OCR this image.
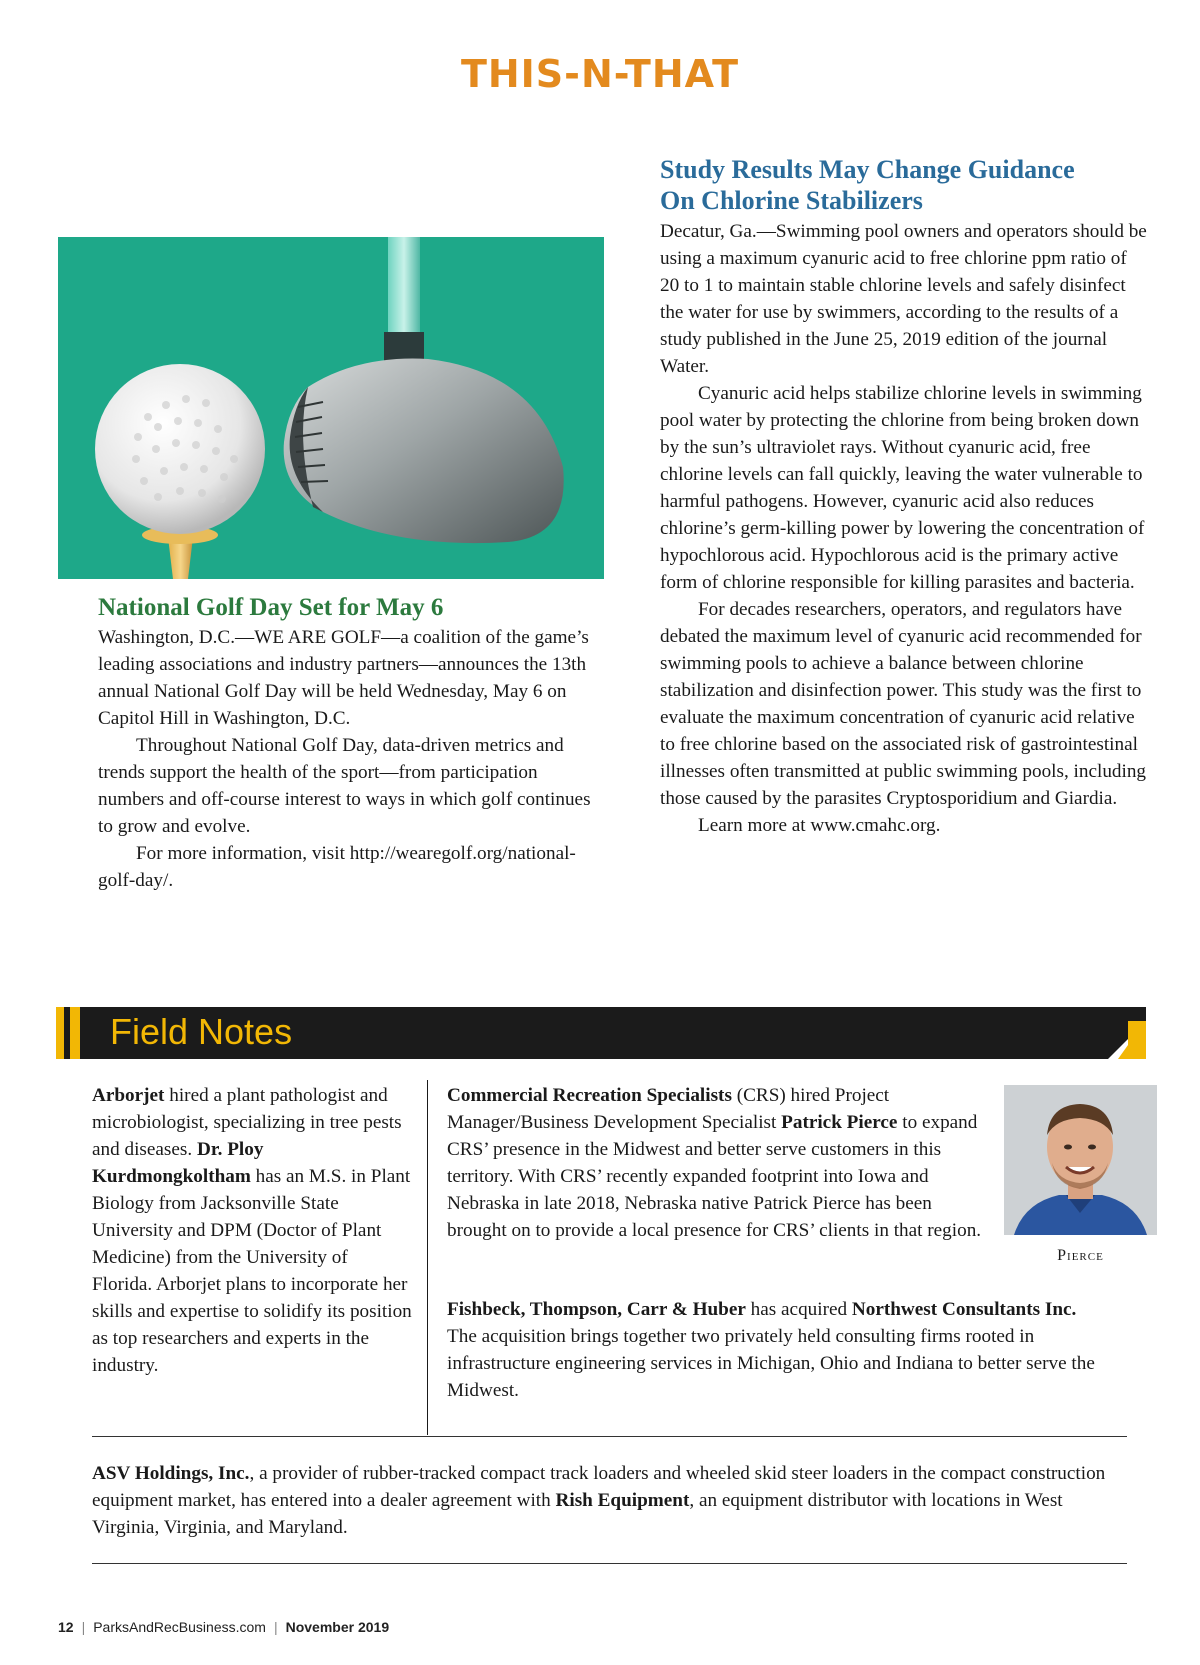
THIS-N-THAT
Study Results May Change Guidance
On Chlorine Stabilizers

Decatur, Ga.—Swimming pool owners and operators should be using a maximum cyanuric acid to free chlorine ppm ratio of 20 to 1 to maintain stable chlorine levels and safely disinfect the water for use by swimmers, according to the results of a study published in the June 25, 2019 edition of the journal Water.

Cyanuric acid helps stabilize chlorine levels in swimming pool water by protecting the chlorine from being broken down by the sun’s ultraviolet rays. Without cyanuric acid, free chlorine levels can fall quickly, leaving the water vulnerable to harmful pathogens. However, cyanuric acid also reduces chlorine’s germ-killing power by lowering the concentration of hypochlorous acid. Hypochlorous acid is the primary active form of chlorine responsible for killing parasites and bacteria.

For decades researchers, operators, and regulators have debated the maximum level of cyanuric acid recommended for swimming pools to achieve a balance between chlorine stabilization and disinfection power. This study was the first to evaluate the maximum concentration of cyanuric acid relative to free chlorine based on the associated risk of gastrointestinal illnesses often transmitted at public swimming pools, including those caused by the parasites Cryptosporidium and Giardia.

Learn more at www.cmahc.org.

National Golf Day Set for May 6

Washington, D.C.—WE ARE GOLF—a coalition of the game’s leading associations and industry partners—announces the 13th annual National Golf Day will be held Wednesday, May 6 on Capitol Hill in Washington, D.C.

Throughout National Golf Day, data-driven metrics and trends support the health of the sport—from participation numbers and off-course interest to ways in which golf continues to grow and evolve.

For more information, visit http://wearegolf.org/national-golf-day/.

Field Notes

Arborjet hired a plant pathologist and microbiologist, specializing in tree pests and diseases. Dr. Ploy Kurdmongkoltham has an M.S. in Plant Biology from Jacksonville State University and DPM (Doctor of Plant Medicine) from the University of Florida. Arborjet plans to incorporate her skills and expertise to solidify its position as top researchers and experts in the industry.

Commercial Recreation Specialists (CRS) hired Project Manager/Business Development Specialist Patrick Pierce to expand CRS’ presence in the Midwest and better serve customers in this territory. With CRS’ recently expanded footprint into Iowa and Nebraska in late 2018, Nebraska native Patrick Pierce has been brought on to provide a local presence for CRS’ clients in that region.

Pierce

Fishbeck, Thompson, Carr & Huber has acquired Northwest Consultants Inc. The acquisition brings together two privately held consulting firms rooted in infrastructure engineering services in Michigan, Ohio and Indiana to better serve the Midwest.

ASV Holdings, Inc., a provider of rubber-tracked compact track loaders and wheeled skid steer loaders in the compact construction equipment market, has entered into a dealer agreement with Rish Equipment, an equipment distributor with locations in West Virginia, Virginia, and Maryland.

12 | ParksAndRecBusiness.com | November 2019
